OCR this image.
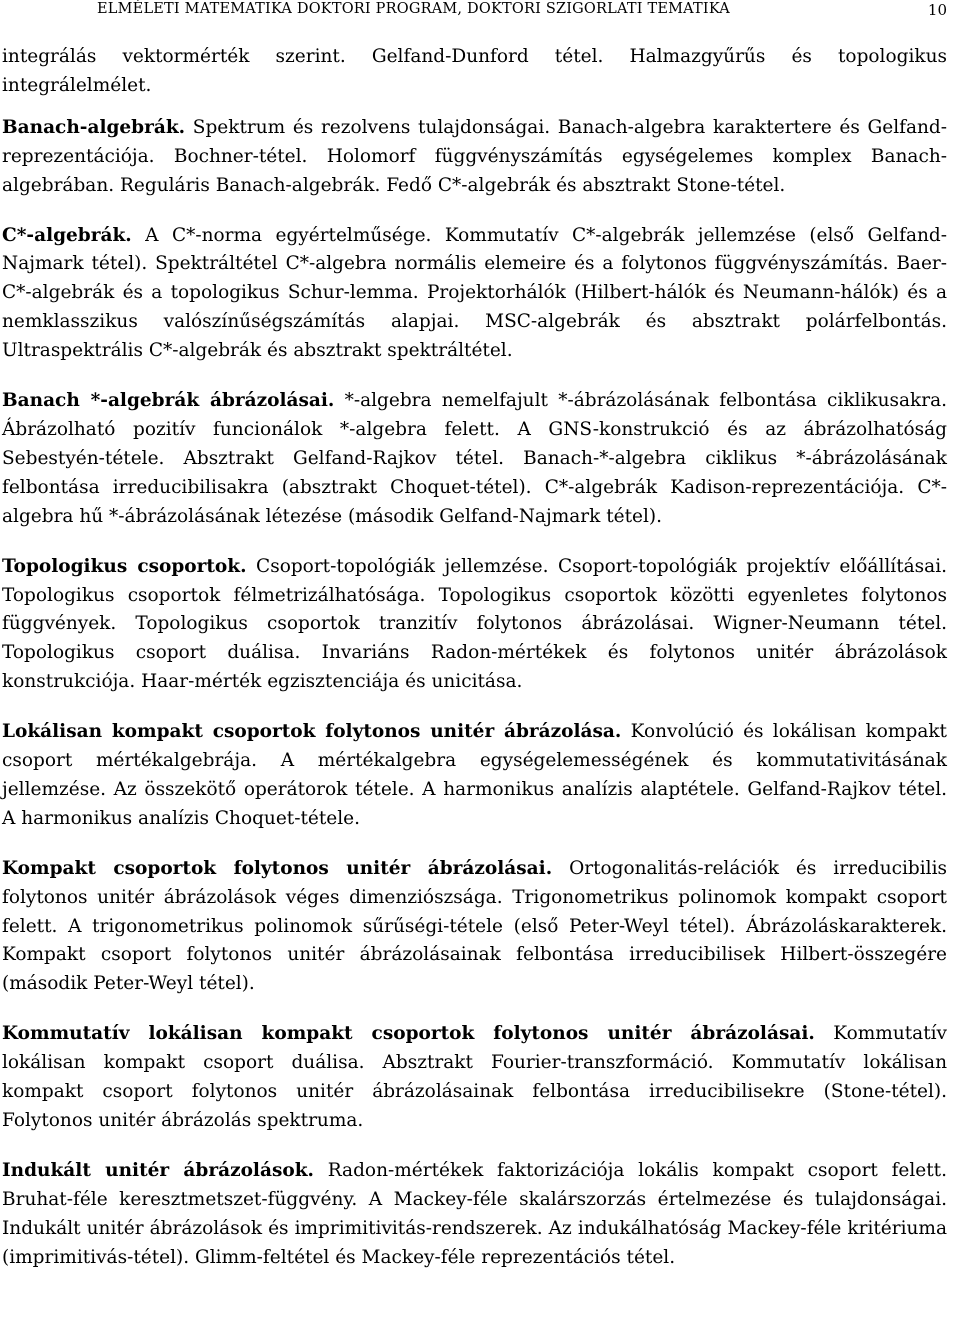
ELMÉLETI MATEMATIKA DOKTORI PROGRAM, DOKTORI SZIGORLATI TEMATIKA	10

integrálás vektormérték szerint. Gelfand-Dunford tétel. Halmazgyűrűs és topologikus integrálelmélet.

Banach-algebrák. Spektrum és rezolvens tulajdonságai. Banach-algebra karaktertere és Gelfand-reprezentációja. Bochner-tétel. Holomorf függvényszámítás egységelemes komplex Banach-algebrában. Reguláris Banach-algebrák. Fedő C*-algebrák és absztrakt Stone-tétel.

C*-algebrák. A C*-norma egyértelműsége. Kommutatív C*-algebrák jellemzése (első Gelfand-Najmark tétel). Spektráltétel C*-algebra normális elemeire és a folytonos függvényszámítás. Baer-C*-algebrák és a topologikus Schur-lemma. Projektorhálók (Hilbert-hálók és Neumann-hálók) és a nemklasszikus valószínűségszámítás alapjai. MSC-algebrák és absztrakt polárfelbontás. Ultraspektrális C*-algebrák és absztrakt spektráltétel.

Banach *-algebrák ábrázolásai. *-algebra nemelfajult *-ábrázolásának felbontása ciklikusakra. Ábrázolható pozitív funcionálok *-algebra felett. A GNS-konstrukció és az ábrázolhatóság Sebestyén-tétele. Absztrakt Gelfand-Rajkov tétel. Banach-*-algebra ciklikus *-ábrázolásának felbontása irreducibilisakra (absztrakt Choquet-tétel). C*-algebrák Kadison-reprezentációja. C*-algebra hű *-ábrázolásának létezése (második Gelfand-Najmark tétel).

Topologikus csoportok. Csoport-topológiák jellemzése. Csoport-topológiák projektív előállításai. Topologikus csoportok félmetrizálhatósága. Topologikus csoportok közötti egyenletes folytonos függvények. Topologikus csoportok tranzitív folytonos ábrázolásai. Wigner-Neumann tétel. Topologikus csoport duálisa. Invariáns Radon-mértékek és folytonos unitér ábrázolások konstrukciója. Haar-mérték egzisztenciája és unicitása.

Lokálisan kompakt csoportok folytonos unitér ábrázolása. Konvolúció és lokálisan kompakt csoport mértékalgebrája. A mértékalgebra egységelemességének és kommutativitásának jellemzése. Az összekötő operátorok tétele. A harmonikus analízis alaptétele. Gelfand-Rajkov tétel. A harmonikus analízis Choquet-tétele.

Kompakt csoportok folytonos unitér ábrázolásai. Ortogonalitás-relációk és irreducibilis folytonos unitér ábrázolások véges dimenziószsága. Trigonometrikus polinomok kompakt csoport felett. A trigonometrikus polinomok sűrűségi-tétele (első Peter-Weyl tétel). Ábrázoláskarakterek. Kompakt csoport folytonos unitér ábrázolásainak felbontása irreducibilisek Hilbert-összegére (második Peter-Weyl tétel).

Kommutatív lokálisan kompakt csoportok folytonos unitér ábrázolásai. Kommutatív lokálisan kompakt csoport duálisa. Absztrakt Fourier-transzformáció. Kommutatív lokálisan kompakt csoport folytonos unitér ábrázolásainak felbontása irreducibilisekre (Stone-tétel). Folytonos unitér ábrázolás spektruma.

Indukált unitér ábrázolások. Radon-mértékek faktorizációja lokális kompakt csoport felett. Bruhat-féle keresztmetszet-függvény. A Mackey-féle skalárszorzás értelmezése és tulajdonságai. Indukált unitér ábrázolások és imprimitivitás-rendszerek. Az indukálhatóság Mackey-féle kritériuma (imprimitivás-tétel). Glimm-feltétel és Mackey-féle reprezentációs tétel.
